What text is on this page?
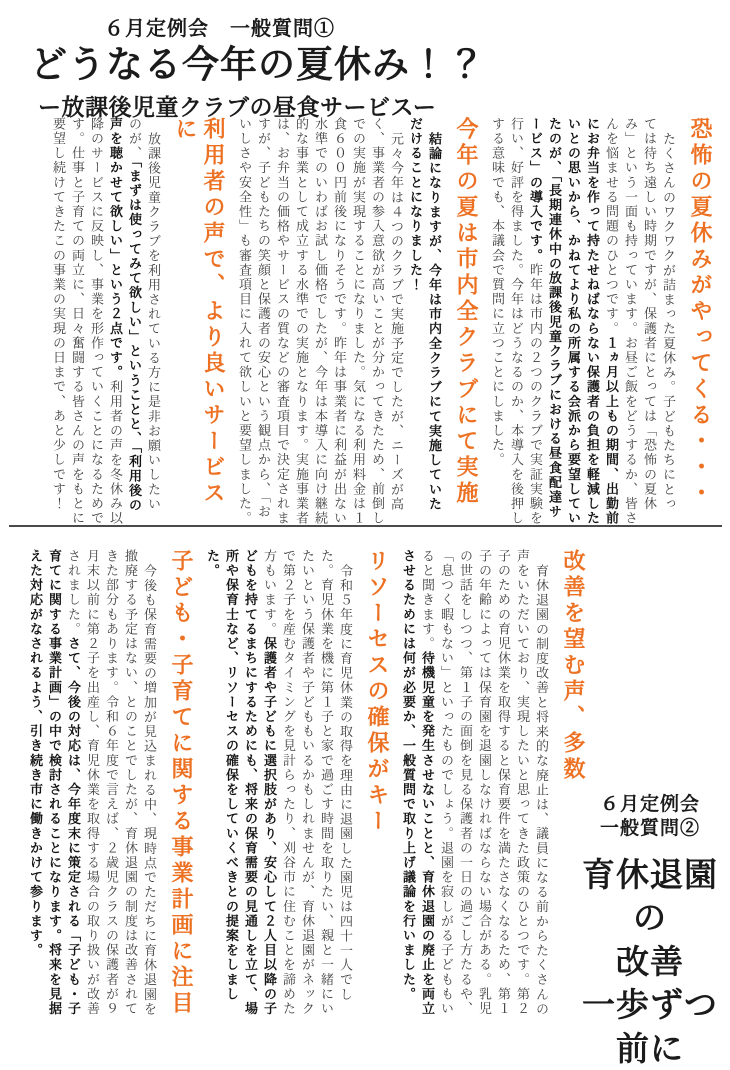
６月定例会　一般質問①
どうなる今年の夏休み！？
ー放課後児童クラブの昼食サービスー
恐怖の夏休みがやってくる・・・

たくさんのワクワクが詰まった夏休み。子どもたちにとっては待ち遠しい時期ですが、保護者にとっては「恐怖の夏休み」という一面も持っています。お昼ご飯をどうするか、皆さんを悩ませる問題のひとつです。１ヵ月以上もの期間、出勤前にお弁当を作って持たせねばならない保護者の負担を軽減したいとの思いから、かねてより私の所属する会派から要望していたのが、「長期連休中の放課後児童クラブにおける昼食配達サービス」の導入です。昨年は市内の２つのクラブで実証実験を行い、好評を得ました。今年はどうなるのか、本導入を後押しする意味でも、本議会で質問に立つことにしました。

今年の夏は市内全クラブにて実施

結論になりますが、今年は市内全クラブにて実施していただけることになりました！

元々今年は４つのクラブで実施予定でしたが、ニーズが高く、事業者の参入意欲が高いことが分かってきたため、前倒しでの実施が実現することになりました。気になる利用料金は１食６００円前後になりそうです。昨年は事業者に利益が出ない水準でのいわばお試し価格でしたが、今年は本導入に向け継続的な事業として成立する水準での実施となります。実施事業者は、お弁当の価格やサービスの質などの審査項目で決定されますが、子どもたちの笑顔と保護者の安心という観点から、「おいしさや安全性」も審査項目に入れて欲しいと要望しました。

利用者の声で、より良いサービスに

放課後児童クラブを利用されている方に是非お願いしたいのが、「まずは使ってみて欲しい」ということと、「利用後の声を聴かせて欲しい」という２点です。利用者の声を冬休み以降のサービスに反映し、事業を形作っていくことになるためです。仕事と子育ての両立に、日々奮闘する皆さんの声をもとに要望し続けてきたこの事業の実現の日まで、あと少しです！

改善を望む声、多数

育休退園の制度改善と将来的な廃止は、議員になる前からたくさんの声をいただいており、実現したいと思ってきた政策のひとつです。第２子のための育児休業を取得すると保育要件を満たさなくなるため、第１子の年齢によっては保育園を退園しなければならない場合がある。乳児の世話をしつつ、第１子の面倒を見る保護者の一日の過ごし方たるや、「息つく暇もない」といったものでしょう。退園を寂しがる子どももいると聞きます。待機児童を発生させないことと、育休退園の廃止を両立させるためには何が必要か、一般質問で取り上げ議論を行いました。

リソーセスの確保がキー

令和５年度に育児休業の取得を理由に退園した園児は四十一人でした。育児休業を機に第１子と家で過ごす時間を取りたい、親と一緒にいたいという保護者や子どももいるかもしれませんが、育休退園がネックで第２子を産むタイミングを見計らったり、刈谷市に住むことを諦めた方もいます。保護者や子どもに選択肢があり、安心して２人目以降の子どもを持てるまちにするためにも、将来の保育需要の見通しを立て、場所や保育士など、リソーセスの確保をしていくべきとの提案をしました。

子ども・子育てに関する事業計画に注目

今後も保育需要の増加が見込まれる中、現時点でただちに育休退園を撤廃する予定はない、とのことでしたが、育休退園の制度は改善されてきた部分もあります。令和６年度で言えば、２歳児クラスの保護者が９月末以前に第２子を出産し、育児休業を取得する場合の取り扱いが改善されました。さて、今後の対応は、今年度末に策定される「子ども・子育てに関する事業計画」の中で検討されることになります。将来を見据えた対応がなされるよう、引き続き市に働きかけて参ります。	６月定例会
一般質問②
育休退園の
改善
一歩ずつ
前に
